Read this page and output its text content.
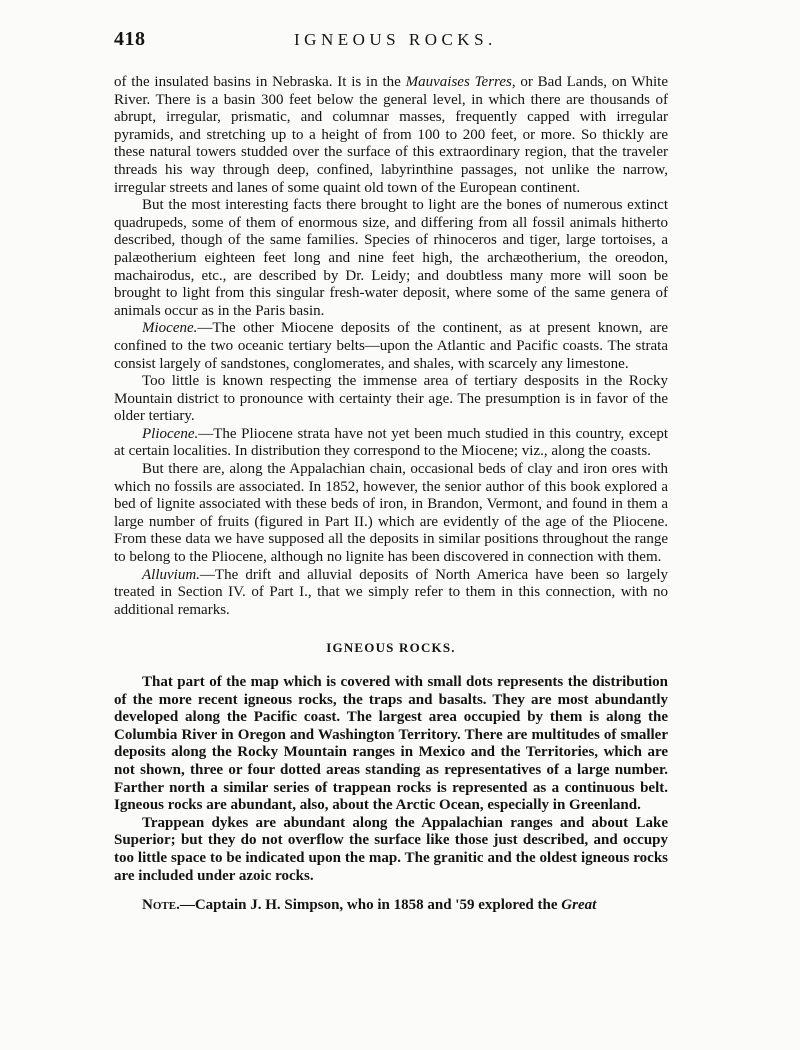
418	IGNEOUS ROCKS.

of the insulated basins in Nebraska. It is in the Mauvaises Terres, or Bad Lands, on White River. There is a basin 300 feet below the general level, in which there are thousands of abrupt, irregular, prismatic, and columnar masses, frequently capped with irregular pyramids, and stretching up to a height of from 100 to 200 feet, or more. So thickly are these natural towers studded over the surface of this extraordinary region, that the traveler threads his way through deep, confined, labyrinthine passages, not unlike the narrow, irregular streets and lanes of some quaint old town of the European continent.

But the most interesting facts there brought to light are the bones of numerous extinct quadrupeds, some of them of enormous size, and differing from all fossil animals hitherto described, though of the same families. Species of rhinoceros and tiger, large tortoises, a palæotherium eighteen feet long and nine feet high, the archæotherium, the oreodon, machairodus, etc., are described by Dr. Leidy; and doubtless many more will soon be brought to light from this singular fresh-water deposit, where some of the same genera of animals occur as in the Paris basin.

Miocene.—The other Miocene deposits of the continent, as at present known, are confined to the two oceanic tertiary belts—upon the Atlantic and Pacific coasts. The strata consist largely of sandstones, conglomerates, and shales, with scarcely any limestone.

Too little is known respecting the immense area of tertiary desposits in the Rocky Mountain district to pronounce with certainty their age. The presumption is in favor of the older tertiary.

Pliocene.—The Pliocene strata have not yet been much studied in this country, except at certain localities. In distribution they correspond to the Miocene; viz., along the coasts.

But there are, along the Appalachian chain, occasional beds of clay and iron ores with which no fossils are associated. In 1852, however, the senior author of this book explored a bed of lignite associated with these beds of iron, in Brandon, Vermont, and found in them a large number of fruits (figured in Part II.) which are evidently of the age of the Pliocene. From these data we have supposed all the deposits in similar positions throughout the range to belong to the Pliocene, although no lignite has been discovered in connection with them.

Alluvium.—The drift and alluvial deposits of North America have been so largely treated in Section IV. of Part I., that we simply refer to them in this connection, with no additional remarks.

IGNEOUS ROCKS.

That part of the map which is covered with small dots represents the distribution of the more recent igneous rocks, the traps and basalts. They are most abundantly developed along the Pacific coast. The largest area occupied by them is along the Columbia River in Oregon and Washington Territory. There are multitudes of smaller deposits along the Rocky Mountain ranges in Mexico and the Territories, which are not shown, three or four dotted areas standing as representatives of a large number. Farther north a similar series of trappean rocks is represented as a continuous belt. Igneous rocks are abundant, also, about the Arctic Ocean, especially in Greenland.

Trappean dykes are abundant along the Appalachian ranges and about Lake Superior; but they do not overflow the surface like those just described, and occupy too little space to be indicated upon the map. The granitic and the oldest igneous rocks are included under azoic rocks.

Note.—Captain J. H. Simpson, who in 1858 and '59 explored the Great
